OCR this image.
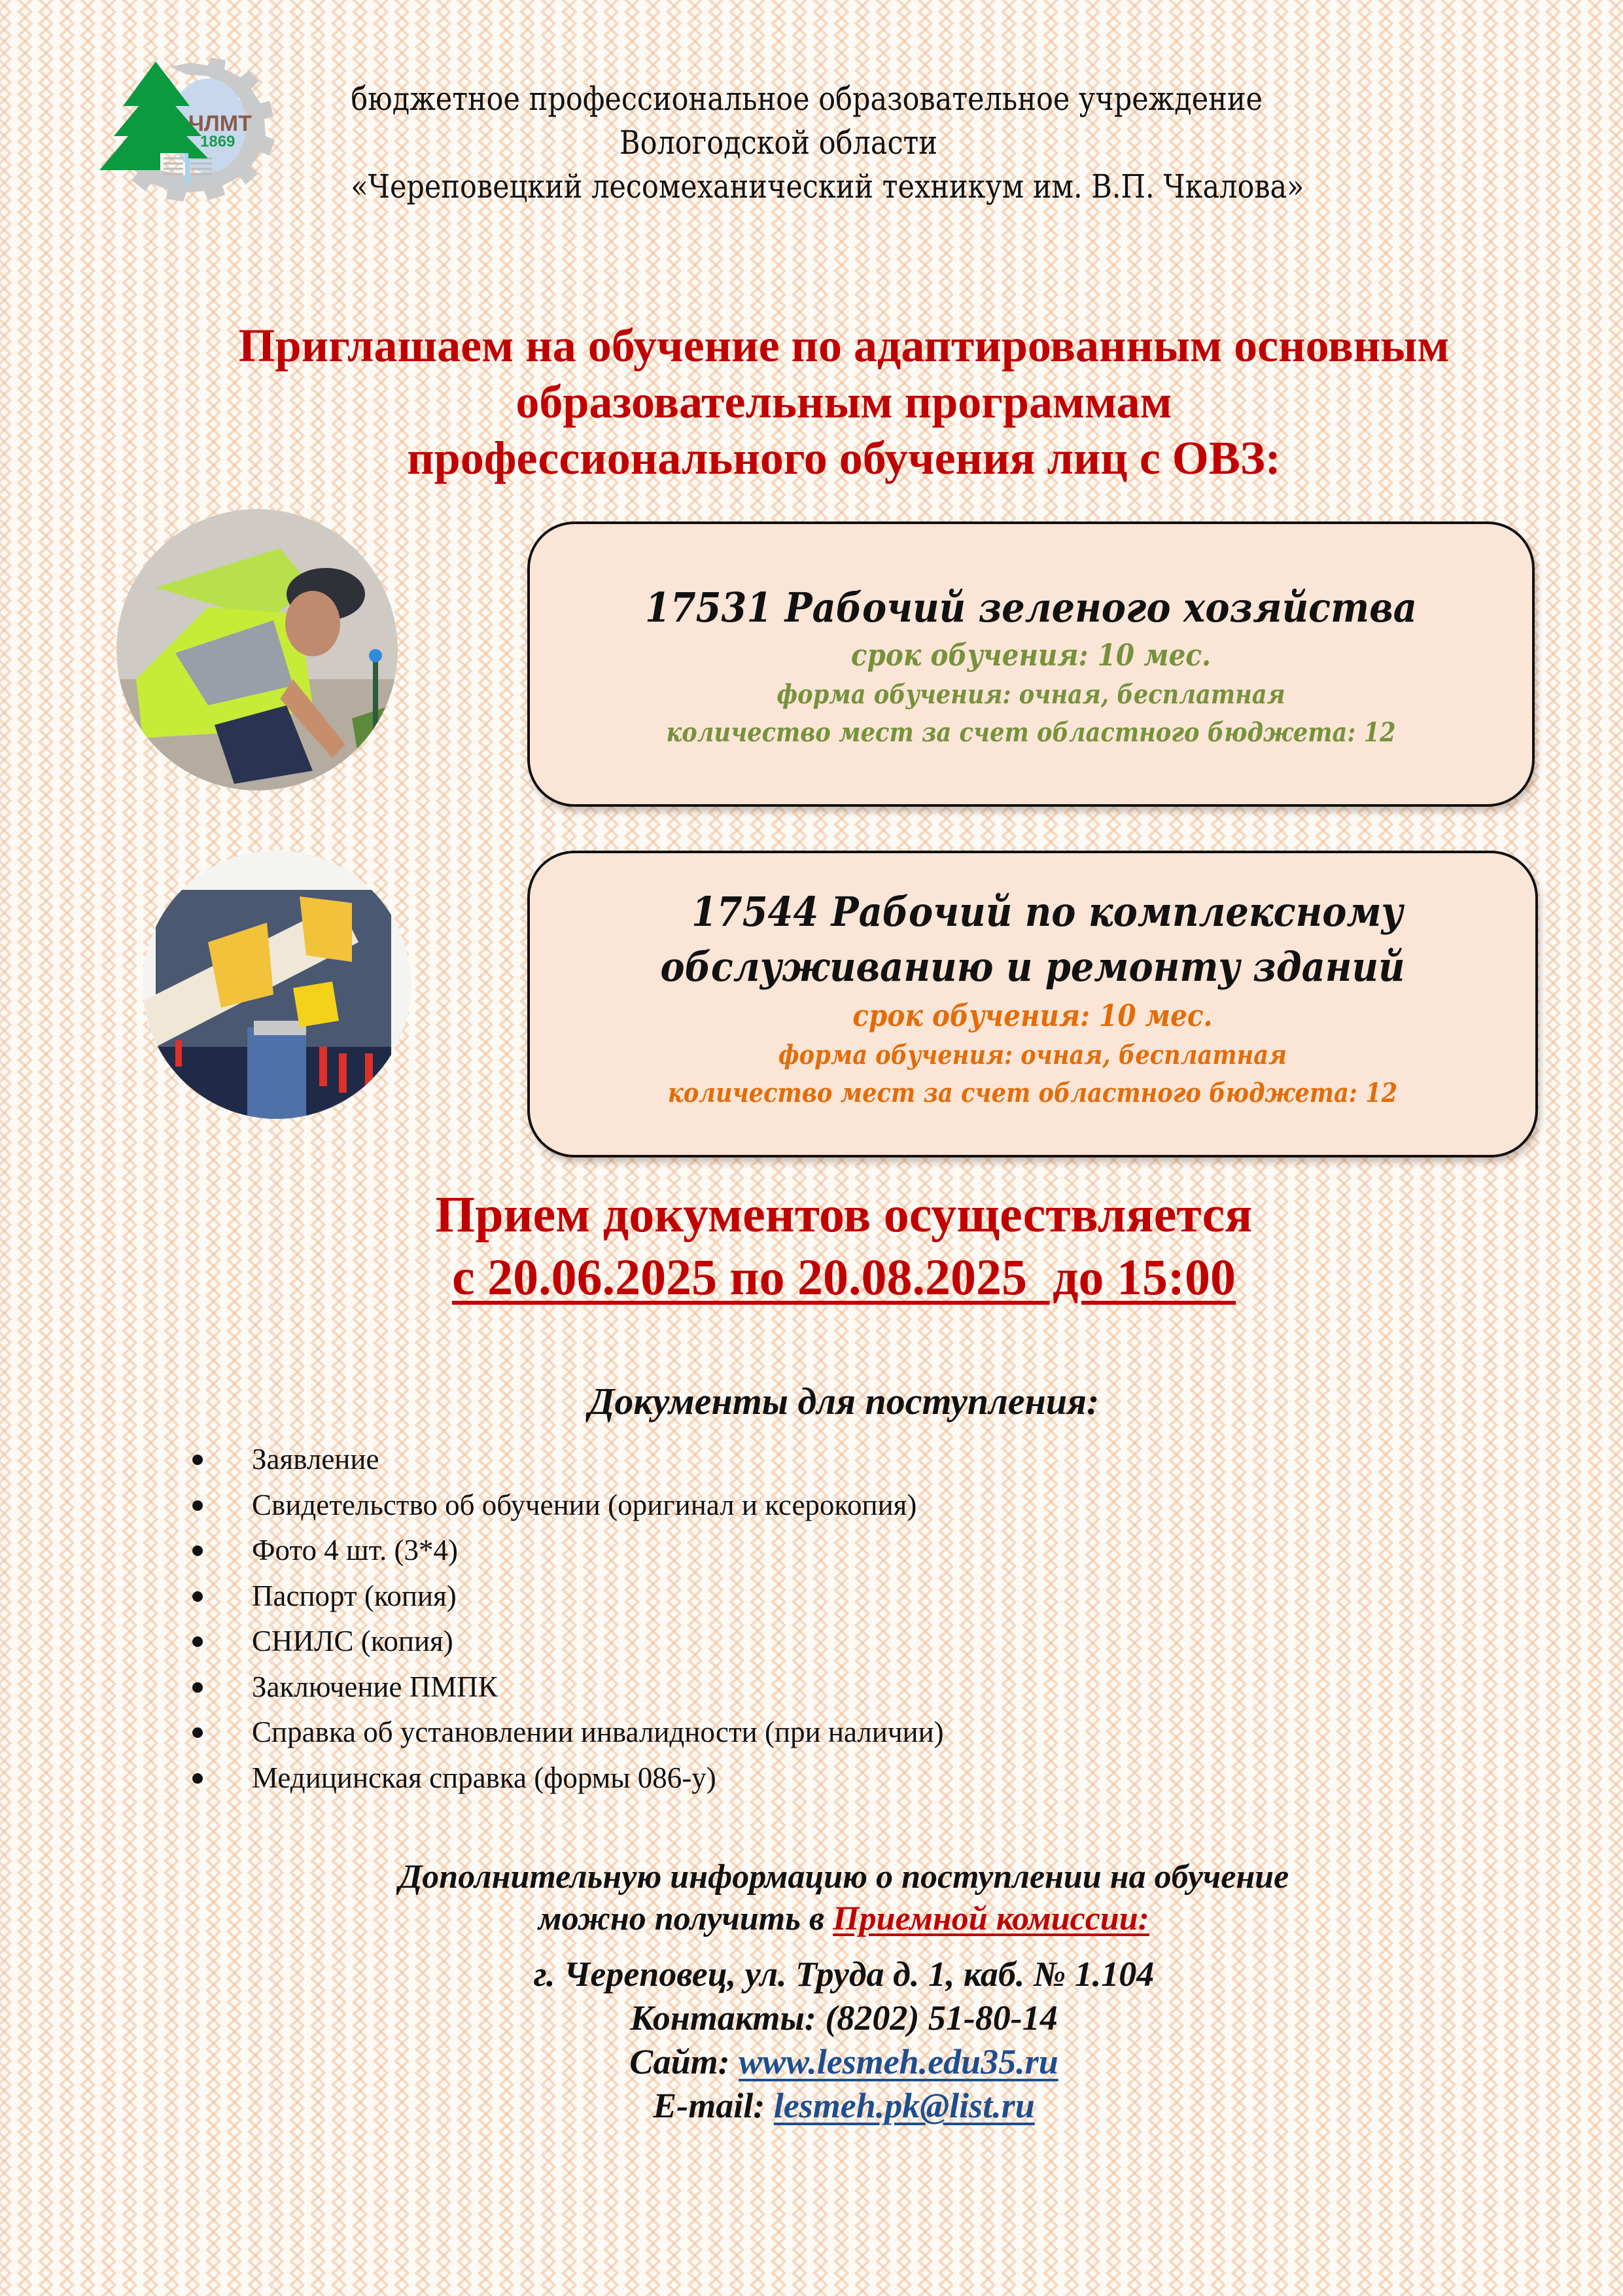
ЧЛМТ
1869
бюджетное профессиональное образовательное учреждение
Вологодской области
«Череповецкий лесомеханический техникум им. В.П. Чкалова»
Приглашаем на обучение по адаптированным основным
образовательным программам
профессионального обучения лиц с ОВЗ:
17531 Рабочий зеленого хозяйства
срок обучения: 10 мес.
форма обучения: очная, бесплатная
количество мест за счет областного бюджета: 12
17544 Рабочий по комплексному
обслуживанию и ремонту зданий
срок обучения: 10 мес.
форма обучения: очная, бесплатная
количество мест за счет областного бюджета: 12
Прием документов осуществляется
с 20.06.2025 по 20.08.2025  до 15:00
Документы для поступления:
Заявление
Свидетельство об обучении (оригинал и ксерокопия)
Фото 4 шт. (3*4)
Паспорт (копия)
СНИЛС (копия)
Заключение ПМПК
Справка об установлении инвалидности (при наличии)
Медицинская справка (формы 086-у)
Дополнительную информацию о поступлении на обучение
можно получить в Приемной комиссии:
г. Череповец, ул. Труда д. 1, каб. № 1.104
Контакты: (8202) 51-80-14
Сайт: www.lesmeh.edu35.ru
E-mail: lesmeh.pk@list.ru
